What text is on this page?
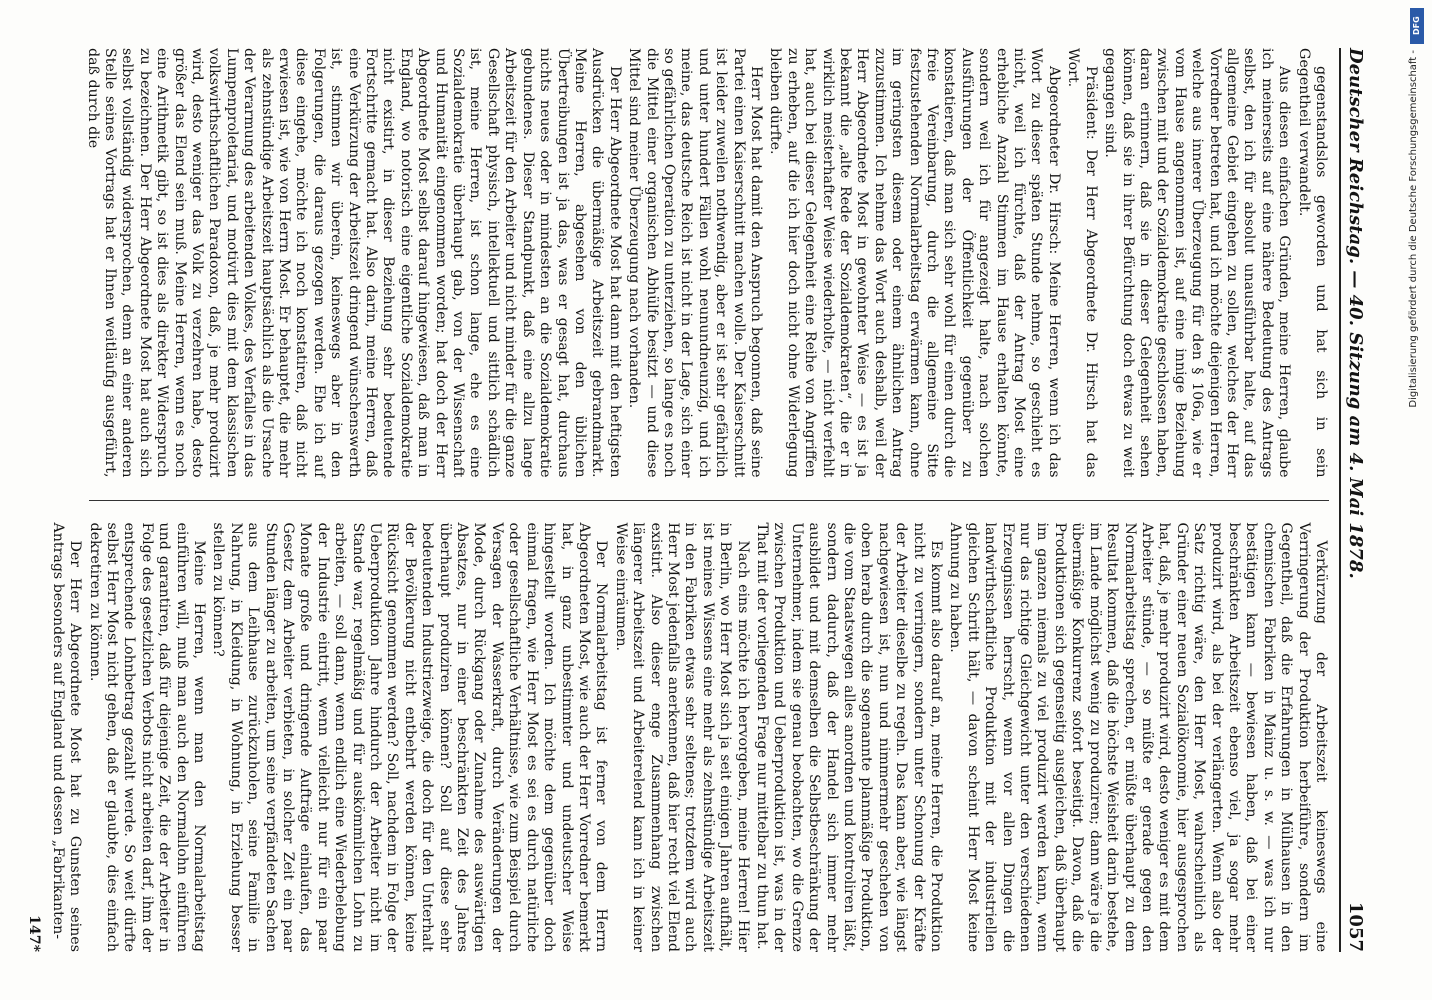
Deutscher Reichstag. — 40. Sitzung am 4. Mai 1878.
1057

gegenstandslos geworden und hat sich in sein Gegentheil verwandelt.

Aus diesen einfachen Gründen, meine Herren, glaube ich meinerseits auf eine nähere Bedeutung des Antrags selbst, den ich für absolut unausführbar halte, auf das allgemeine Gebiet eingehen zu sollen, welches der Herr Vorredner betreten hat, und ich möchte diejenigen Herren, welche aus innerer Überzeugung für den § 106a, wie er vom Hause angenommen ist, auf eine innige Beziehung zwischen mit und der Sozialdemokratie geschlossen haben, daran erinnern, daß sie in dieser Gelegenheit sehen können, daß sie in ihrer Befürchtung doch etwas zu weit gegangen sind.

Präsident: Der Herr Abgeordnete Dr. Hirsch hat das Wort.

Abgeordneter Dr. Hirsch: Meine Herren, wenn ich das Wort zu dieser späten Stunde nehme, so geschieht es nicht, weil ich fürchte, daß der Antrag Most eine erhebliche Anzahl Stimmen im Hause erhalten könnte, sondern weil ich für angezeigt halte, nach solchen Ausführungen der Öffentlichkeit gegenüber zu konstatieren, daß man sich sehr wohl für einen durch die freie Vereinbarung, durch die allgemeine Sitte festzustehenden Normalarbeitstag erwärmen kann, ohne im geringsten diesem oder einem ähnlichen Antrag zuzustimmen. Ich nehme das Wort auch deshalb, weil der Herr Abgeordnete Most in gewohnter Weise — es ist ja bekannt die „alte Rede der Sozialdemokraten“, die er in wirklich meisterhafter Weise wiederholte, — nicht verfehlt hat, auch bei dieser Gelegenheit eine Reihe von Angriffen zu erheben, auf die ich hier doch nicht ohne Widerlegung bleiben dürfte.

Herr Most hat damit den Anspruch begonnen, daß seine Partei einen Kaiserschnitt machen wolle. Der Kaiserschnitt ist leider zuweilen nothwendig, aber er ist sehr gefährlich und unter hundert Fällen wohl neunundneunzig, und ich meine, das deutsche Reich ist nicht in der Lage, sich einer so gefährlichen Operation zu unterziehen, so lange es noch die Mittel einer organischen Abhülfe besitzt — und diese Mittel sind meiner Überzeugung nach vorhanden.

Der Herr Abgeordnete Most hat dann mit den heftigsten Ausdrücken die übermäßige Arbeitszeit gebrandmarkt. Meine Herren, abgesehen von den üblichen Übertreibungen ist ja das, was er gesagt hat, durchaus nichts neues oder in mindesten an die Sozialdemokratie gebundenes. Dieser Standpunkt, daß eine allzu lange Arbeitszeit für den Arbeiter und nicht minder für die ganze Gesellschaft physisch, intellektuell und sittlich schädlich ist, meine Herren, ist schon lange, ehe es eine Sozialdemokratie überhaupt gab, von der Wissenschaft und Humanität eingenommen worden; hat doch der Herr Abgeordnete Most selbst darauf hingewiesen, daß man in England, wo notorisch eine eigentliche Sozialdemokratie nicht existirt, in dieser Beziehung sehr bedeutende Fortschritte gemacht hat. Also darin, meine Herren, daß eine Verkürzung der Arbeitszeit dringend wünschenswerth ist, stimmen wir überein, keineswegs aber in den Folgerungen, die daraus gezogen werden. Ehe ich auf diese eingehe, möchte ich noch konstatiren, daß nicht erwiesen ist, wie von Herrn Most. Er behauptet, die mehr als zehnstündige Arbeitszeit hauptsächlich als die Ursache der Verarmung des arbeitenden Volkes, des Verfalles in das Lumpenproletariat, und motivirt dies mit dem klassischen volkswirthschaftlichen Paradoxon, daß, je mehr produzirt wird, desto weniger das Volk zu verzehren habe, desto größer das Elend sein muß. Meine Herren, wenn es noch eine Arithmetik gibt, so ist dies als direkter Widerspruch zu bezeichnen. Der Herr Abgeordnete Most hat auch sich selbst vollständig widersprochen, denn an einer anderen Stelle seines Vortrags hat er Ihnen weitläufig ausgeführt, daß durch die

Verkürzung der Arbeitszeit keineswegs eine Verringerung der Produktion herbeiführe, sondern im Gegentheil, daß die Erfahrungen in Mülhausen in den chemischen Fabriken in Mainz u. s. w. — was ich nur bestätigen kann — bewiesen haben, daß bei einer beschränkten Arbeitszeit ebenso viel, ja sogar mehr produzirt wird, als bei der verlängerten. Wenn also der Satz richtig wäre, den Herr Most, wahrscheinlich als Gründer einer neuen Sozialökonomie, hier ausgesprochen hat, daß, je mehr produzirt wird, desto weniger es mit dem Arbeiter stünde, — so müßte er gerade gegen den Normalarbeitstag sprechen, er müßte überhaupt zu dem Resultat kommen, daß die höchste Weisheit darin bestehe, im Lande möglichst wenig zu produziren; dann wäre ja die übermäßige Konkurrenz sofort beseitigt. Davon, daß die Produktionen sich gegenseitig ausgleichen, daß überhaupt im ganzen niemals zu viel produzirt werden kann, wenn nur das richtige Gleichgewicht unter den verschiedenen Erzeugnissen herrscht, wenn vor allen Dingen die landwirthschaftliche Produktion mit der industriellen gleichen Schritt hält, — davon scheint Herr Most keine Ahnung zu haben.

Es kommt also darauf an, meine Herren, die Produktion nicht zu verringern, sondern unter Schonung der Kräfte der Arbeiter dieselbe zu regeln. Das kann aber, wie längst nachgewiesen ist, nun und nimmermehr geschehen von oben herab durch die sogenannte planmäßige Produktion, die vom Staatswegen alles anordnen und kontroliren läßt, sondern dadurch, daß der Handel sich immer mehr ausbildet und mit demselben die Selbstbeschränkung der Unternehmer, indem sie genau beobachten, wo die Grenze zwischen Produktion und Ueberproduktion ist, was in der That mit der vorliegenden Frage nur mittelbar zu thun hat.

Nach eins möchte ich hervorgeben, meine Herren! Hier in Berlin, wo Herr Most sich ja seit einigen Jahren aufhält, ist meines Wissens eine mehr als zehnstündige Arbeitszeit in den Fabriken etwas sehr seltenes; trotzdem wird auch Herr Most jedenfalls anerkennen, daß hier recht viel Elend existirt. Also dieser enge Zusammenhang zwischen längerer Arbeitszeit und Arbeiterelend kann ich in keiner Weise einräumen.

Der Normalarbeitstag ist ferner von dem Herrn Abgeordneten Most, wie auch der Herr Vorredner bemerkt hat, in ganz unbestimmter und undeutscher Weise hingestellt worden. Ich möchte dem gegenüber doch einmal fragen, wie Herr Most es sei es durch natürliche oder gesellschaftliche Verhältnisse, wie zum Beispiel durch Versagen der Wasserkraft, durch Veränderungen der Mode, durch Rückgang oder Zunahme des auswärtigen Absatzes, nur in einer beschränkten Zeit des Jahres überhaupt produziren können? Soll auf diese sehr bedeutenden Industriezweige, die doch für den Unterhalt der Bevölkerung nicht entbehrt werden können, keine Rücksicht genommen werden? Soll, nachdem in Folge der Ueberproduktion Jahre hindurch der Arbeiter nicht im Stande war, regelmäßig und für auskömmlichen Lohn zu arbeiten, — soll dann, wenn endlich eine Wiederbelebung der Industrie eintritt, wenn vielleicht nur für ein paar Monate große und dringende Aufträge einlaufen, das Gesetz dem Arbeiter verbieten, in solcher Zeit ein paar Stunden länger zu arbeiten, um seine verpfändeten Sachen aus dem Leihhause zurückzuholen, seine Familie in Nahrung, in Kleidung, in Wohnung, in Erziehung besser stellen zu können?

Meine Herren, wenn man den Normalarbeitstag einführen will, muß man auch den Normallohn einführen und garantiren, daß für diejenige Zeit, die der Arbeiter in Folge des gesetzlichen Verbots nicht arbeiten darf, ihm der entsprechende Lohnbetrag gezahlt werde. So weit dürfte selbst Herr Most nicht gehen, daß er glaubte, dies einfach dekretiren zu können.

Der Herr Abgeordnete Most hat zu Gunsten seines Antrags besonders auf England und dessen „Fabrikanten-

147*
DFG
Digitalisierung gefördert durch die Deutsche Forschungsgemeinschaft -
